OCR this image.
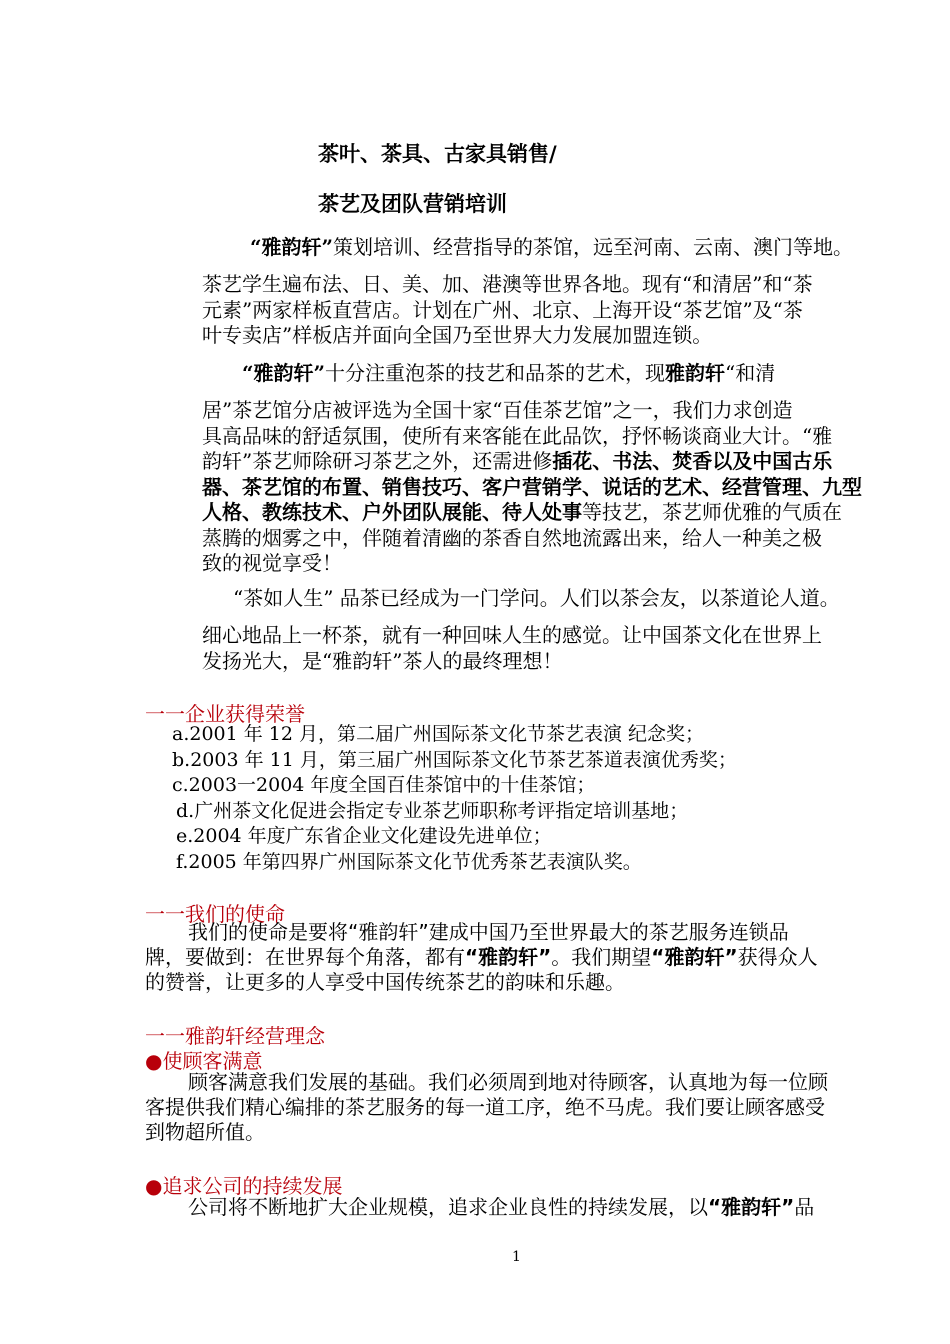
茶叶、茶具、古家具销售/
茶艺及团队营销培训
“雅韵轩”策划培训、经营指导的茶馆，远至河南、云南、澳门等地。
茶艺学生遍布法、日、美、加、港澳等世界各地。现有“和清居”和“茶
元素”两家样板直营店。计划在广州、北京、上海开设“茶艺馆”及“茶
叶专卖店”样板店并面向全国乃至世界大力发展加盟连锁。
“雅韵轩”十分注重泡茶的技艺和品茶的艺术，现雅韵轩“和清
居”茶艺馆分店被评选为全国十家“百佳茶艺馆”之一，我们力求创造
具高品味的舒适氛围，使所有来客能在此品饮，抒怀畅谈商业大计。“雅
韵轩”茶艺师除研习茶艺之外，还需进修插花、书法、焚香以及中国古乐
器、茶艺馆的布置、销售技巧、客户营销学、说话的艺术、经营管理、九型
人格、教练技术、户外团队展能、待人处事等技艺，茶艺师优雅的气质在
蒸腾的烟雾之中，伴随着清幽的茶香自然地流露出来，给人一种美之极
致的视觉享受！
“茶如人生” 品茶已经成为一门学问。人们以茶会友，以茶道论人道。
细心地品上一杯茶，就有一种回味人生的感觉。让中国茶文化在世界上
发扬光大，是“雅韵轩”茶人的最终理想！
一一企业获得荣誉
a.2001 年 12 月，第二届广州国际茶文化节茶艺表演 纪念奖；
b.2003 年 11 月，第三届广州国际茶文化节茶艺茶道表演优秀奖；
c.2003一2004 年度全国百佳茶馆中的十佳茶馆；
d.广州茶文化促进会指定专业茶艺师职称考评指定培训基地；
e.2004 年度广东省企业文化建设先进单位；
f.2005 年第四界广州国际茶文化节优秀茶艺表演队奖。
一一我们的使命
我们的使命是要将“雅韵轩”建成中国乃至世界最大的茶艺服务连锁品
牌，要做到：在世界每个角落，都有“雅韵轩”。我们期望“雅韵轩”获得众人
的赞誉，让更多的人享受中国传统茶艺的韵味和乐趣。
一一雅韵轩经营理念
●使顾客满意
顾客满意我们发展的基础。我们必须周到地对待顾客，认真地为每一位顾
客提供我们精心编排的茶艺服务的每一道工序，绝不马虎。我们要让顾客感受
到物超所值。
●追求公司的持续发展
公司将不断地扩大企业规模，追求企业良性的持续发展，以“雅韵轩”品
1
